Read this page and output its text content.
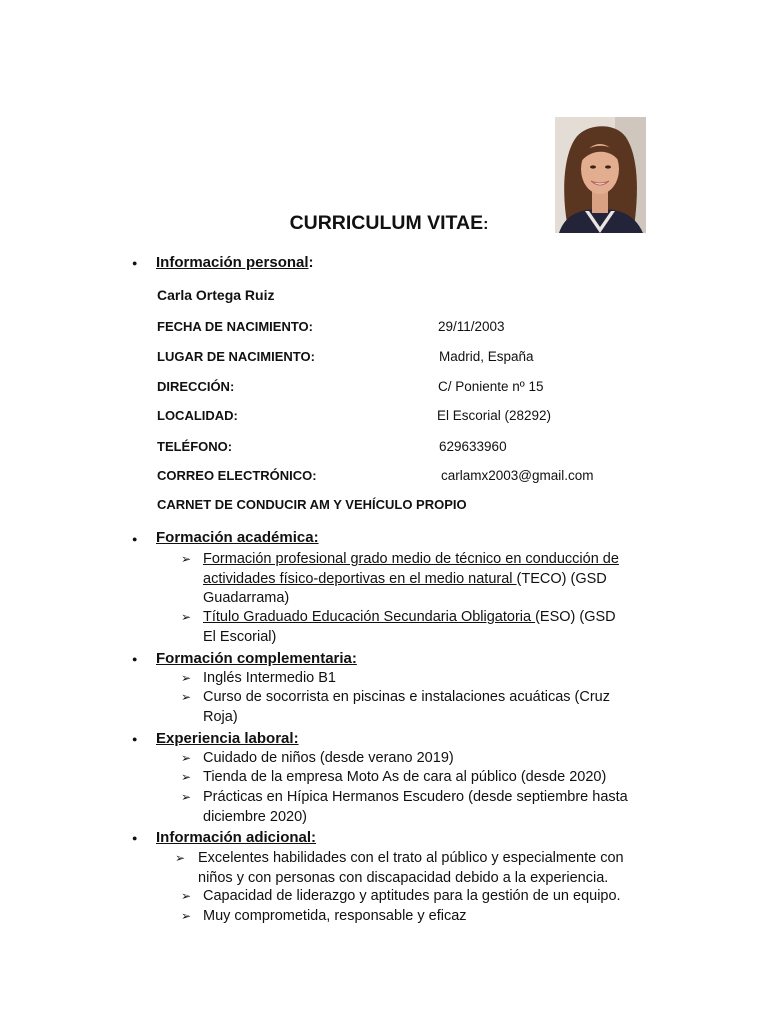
CURRICULUM VITAE:
● Información personal:
Carla Ortega Ruiz
FECHA DE NACIMIENTO:	29/11/2003
LUGAR DE NACIMIENTO:	Madrid, España
DIRECCIÓN:	C/ Poniente nº 15
LOCALIDAD:	El Escorial (28292)
TELÉFONO:	629633960
CORREO ELECTRÓNICO:	carlamx2003@gmail.com
CARNET DE CONDUCIR AM Y VEHÍCULO PROPIO
● Formación académica:
➢ Formación profesional grado medio de técnico en conducción de
actividades físico-deportivas en el medio natural (TECO) (GSD
Guadarrama)
➢ Título Graduado Educación Secundaria Obligatoria (ESO) (GSD
El Escorial)
● Formación complementaria:
➢ Inglés Intermedio B1
➢ Curso de socorrista en piscinas e instalaciones acuáticas (Cruz
Roja)
● Experiencia laboral:
➢ Cuidado de niños (desde verano 2019)
➢ Tienda de la empresa Moto As de cara al público (desde 2020)
➢ Prácticas en Hípica Hermanos Escudero (desde septiembre hasta
diciembre 2020)
● Información adicional:
➢ Excelentes habilidades con el trato al público y especialmente con
niños y con personas con discapacidad debido a la experiencia.
➢ Capacidad de liderazgo y aptitudes para la gestión de un equipo.
➢ Muy comprometida, responsable y eficaz
